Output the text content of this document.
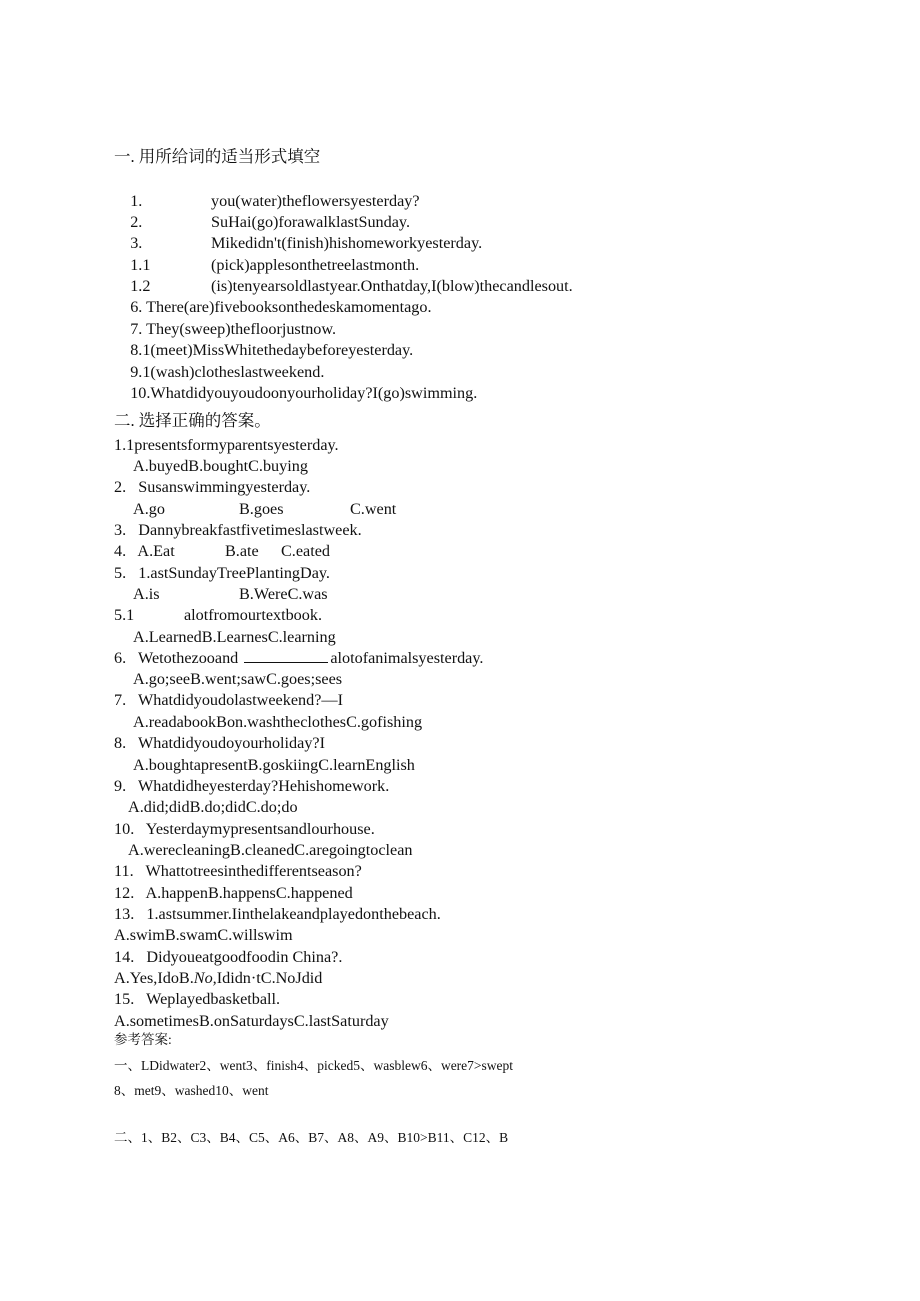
一. 用所给词的适当形式填空

1.	you(water)theflowersyesterday?

2.	SuHai(go)forawalklastSunday.

3.	Mikedidn't(finish)hishomeworkyesterday.

1.1	(pick)applesonthetreelastmonth.

1.2	(is)tenyearsoldlastyear.Onthatday,I(blow)thecandlesout.

6. There(are)fivebooksonthedeskamomentago.

7. They(sweep)thefloorjustnow.

8.1(meet)MissWhitethedaybeforeyesterday.

9.1(wash)clotheslastweekend.

10.Whatdidyouyoudoonyourholiday?I(go)swimming.

二. 选择正确的答案。
1.1presentsformyparentsyesterday.
A.buyedB.boughtC.buying
2.   Susanswimmingyesterday.
A.go	B.goes	C.went
3.   Dannybreakfastfivetimeslastweek.
4.   A.Eat	B.ate C.eated
5.   1.astSundayTreePlantingDay.
A.is	B.WereC.was
5.1	alotfromourtextbook.
A.LearnedB.LearnesC.learning
6.   Wetothezooand	alotofanimalsyesterday.
A.go;seeB.went;sawC.goes;sees
7.   Whatdidyoudolastweekend?—I
A.readabookBon.washtheclothesC.gofishing
8.   Whatdidyoudoyourholiday?I
A.boughtapresentB.goskiingC.learnEnglish
9.   Whatdidheyesterday?Hehishomework.
A.did;didB.do;didC.do;do
10.   Yesterdaymypresentsandlourhouse.
A.werecleaningB.cleanedC.aregoingtoclean
11.   Whattotreesinthedifferentseason?
12.   A.happenB.happensC.happened
13.   1.astsummer.Iinthelakeandplayedonthebeach.
A.swimB.swamC.willswim
14.   Didyoueatgoodfoodin China?.
A.Yes,IdoB.No,Ididn·tC.NoJdid
15.   Weplayedbasketball.
A.sometimesB.onSaturdaysC.lastSaturday
参考答案:
一、LDidwater2、went3、finish4、picked5、wasblew6、were7>swept
8、met9、washed10、went
二、1、B2、C3、B4、C5、A6、B7、A8、A9、B10>B11、C12、B
